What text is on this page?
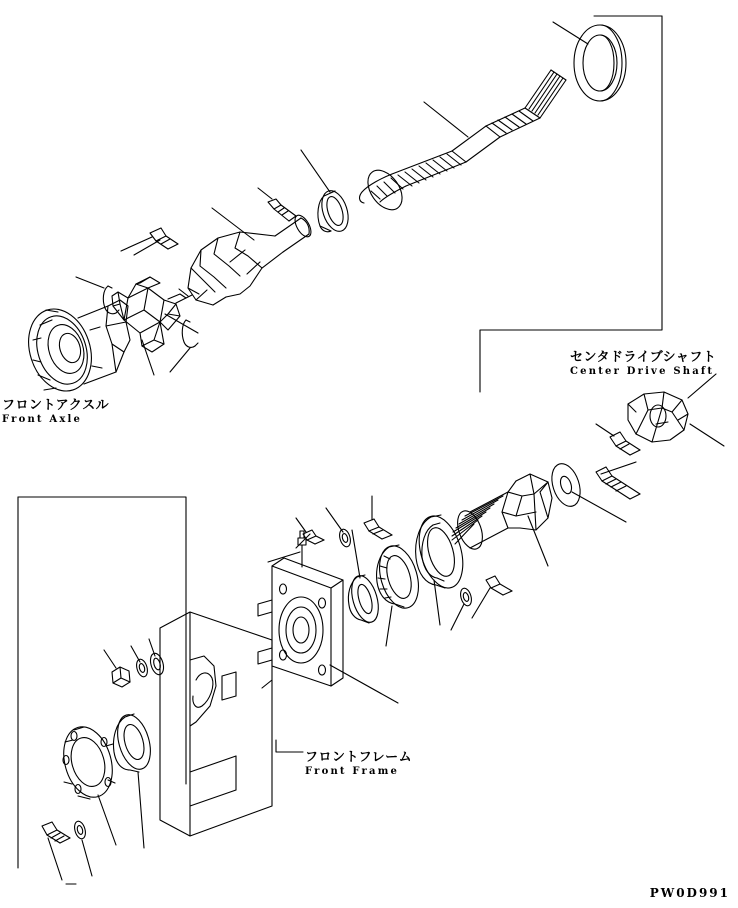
フロントアクスル
Front Axle
センタドライブシャフト
Center Drive Shaft
フロントフレーム
Front Frame
PW0D991
